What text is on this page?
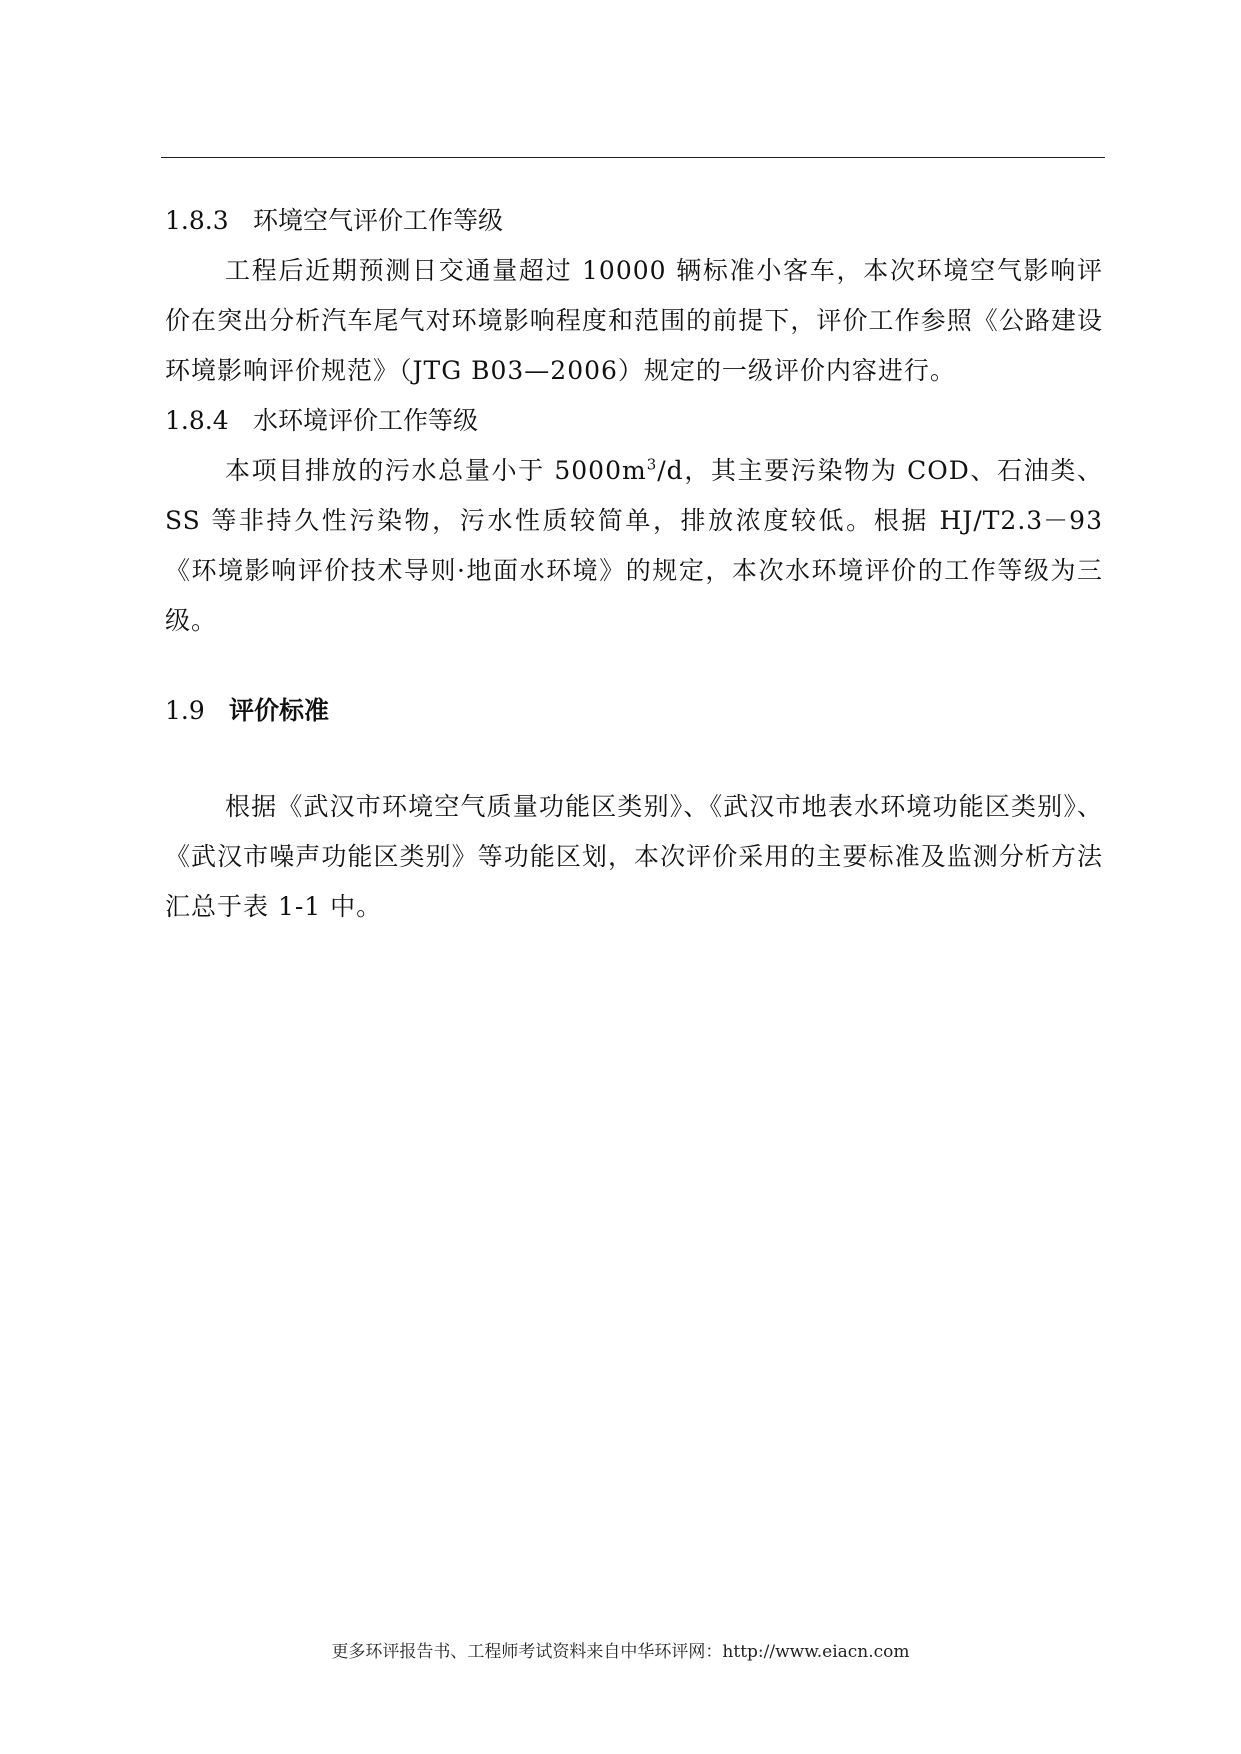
1.8.3 环境空气评价工作等级

工程后近期预测日交通量超过 10000 辆标准小客车，本次环境空气影响评价在突出分析汽车尾气对环境影响程度和范围的前提下，评价工作参照《公路建设环境影响评价规范》（JTG B03—2006）规定的一级评价内容进行。

1.8.4 水环境评价工作等级

本项目排放的污水总量小于 $5000m^3/d$，其主要污染物为 COD、石油类、SS 等非持久性污染物，污水性质较简单，排放浓度较低。根据 HJ/T2.3－93《环境影响评价技术导则·地面水环境》的规定，本次水环境评价的工作等级为三级。

1.9 评价标准

根据《武汉市环境空气质量功能区类别》、《武汉市地表水环境功能区类别》、《武汉市噪声功能区类别》等功能区划，本次评价采用的主要标准及监测分析方法汇总于表 1-1 中。

更多环评报告书、工程师考试资料来自中华环评网：http://www.eiacn.com
